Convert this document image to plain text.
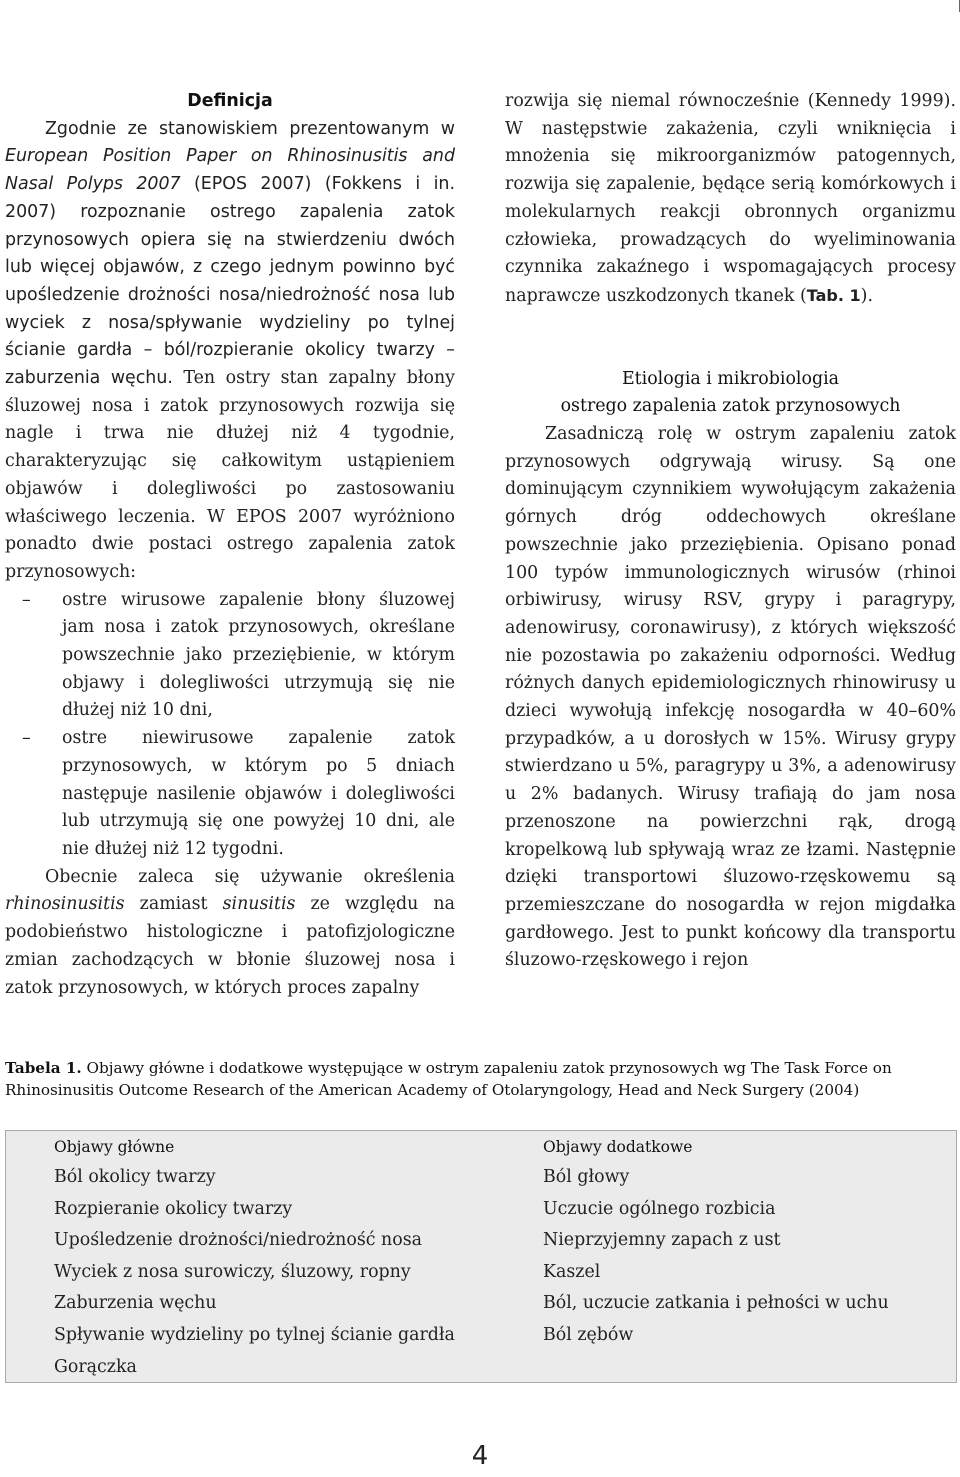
Definicja

Zgodnie ze stanowiskiem prezentowanym w European Position Paper on Rhinosinusitis and Nasal Polyps 2007 (EPOS 2007) (Fokkens i in. 2007) rozpoznanie ostrego zapalenia zatok przynosowych opiera się na stwierdzeniu dwóch lub więcej objawów, z czego jednym powinno być upośledzenie drożności nosa/niedrożność nosa lub wyciek z nosa/spływanie wydzieliny po tylnej ścianie gardła – ból/rozpieranie okolicy twarzy – zaburzenia węchu. Ten ostry stan zapalny błony śluzowej nosa i zatok przynosowych rozwija się nagle i trwa nie dłużej niż 4 tygodnie, charakteryzując się całkowitym ustąpieniem objawów i dolegliwości po zastosowaniu właściwego leczenia. W EPOS 2007 wyróżniono ponadto dwie postaci ostrego zapalenia zatok przynosowych:

– ostre wirusowe zapalenie błony śluzowej jam nosa i zatok przynosowych, określane powszechnie jako przeziębienie, w którym objawy i dolegliwości utrzymują się nie dłużej niż 10 dni,
– ostre niewirusowe zapalenie zatok przynosowych, w którym po 5 dniach następuje nasilenie objawów i dolegliwości lub utrzymują się one powyżej 10 dni, ale nie dłużej niż 12 tygodni.

Obecnie zaleca się używanie określenia rhinosinusitis zamiast sinusitis ze względu na podobieństwo histologiczne i patofizjologiczne zmian zachodzących w błonie śluzowej nosa i zatok przynosowych, w których proces zapalny

rozwija się niemal równocześnie (Kennedy 1999). W następstwie zakażenia, czyli wniknięcia i mnożenia się mikroorganizmów patogennych, rozwija się zapalenie, będące serią komórkowych i molekularnych reakcji obronnych organizmu człowieka, prowadzących do wyeliminowania czynnika zakaźnego i wspomagających procesy naprawcze uszkodzonych tkanek (Tab. 1).

Etiologia i mikrobiologia
ostrego zapalenia zatok przynosowych

Zasadniczą rolę w ostrym zapaleniu zatok przynosowych odgrywają wirusy. Są one dominującym czynnikiem wywołującym zakażenia górnych dróg oddechowych określane powszechnie jako przeziębienia. Opisano ponad 100 typów immunologicznych wirusów (rhinoi orbiwirusy, wirusy RSV, grypy i paragrypy, adenowirusy, coronawirusy), z których większość nie pozostawia po zakażeniu odporności. Według różnych danych epidemiologicznych rhinowirusy u dzieci wywołują infekcję nosogardła w 40–60% przypadków, a u dorosłych w 15%. Wirusy grypy stwierdzano u 5%, paragrypy u 3%, a adenowirusy u 2% badanych. Wirusy trafiają do jam nosa przenoszone na powierzchni rąk, drogą kropelkową lub spływają wraz ze łzami. Następnie dzięki transportowi śluzowo-rzęskowemu są przemieszczane do nosogardła w rejon migdałka gardłowego. Jest to punkt końcowy dla transportu śluzowo-rzęskowego i rejon

Tabela 1. Objawy główne i dodatkowe występujące w ostrym zapaleniu zatok przynosowych wg The Task Force on Rhinosinusitis Outcome Research of the American Academy of Otolaryngology, Head and Neck Surgery (2004)
Objawy główne
Ból okolicy twarzy
Rozpieranie okolicy twarzy
Upośledzenie drożności/niedrożność nosa
Wyciek z nosa surowiczy, śluzowy, ropny
Zaburzenia węchu
Spływanie wydzieliny po tylnej ścianie gardła
Gorączka
Objawy dodatkowe
Ból głowy
Uczucie ogólnego rozbicia
Nieprzyjemny zapach z ust
Kaszel
Ból, uczucie zatkania i pełności w uchu
Ból zębów
4
